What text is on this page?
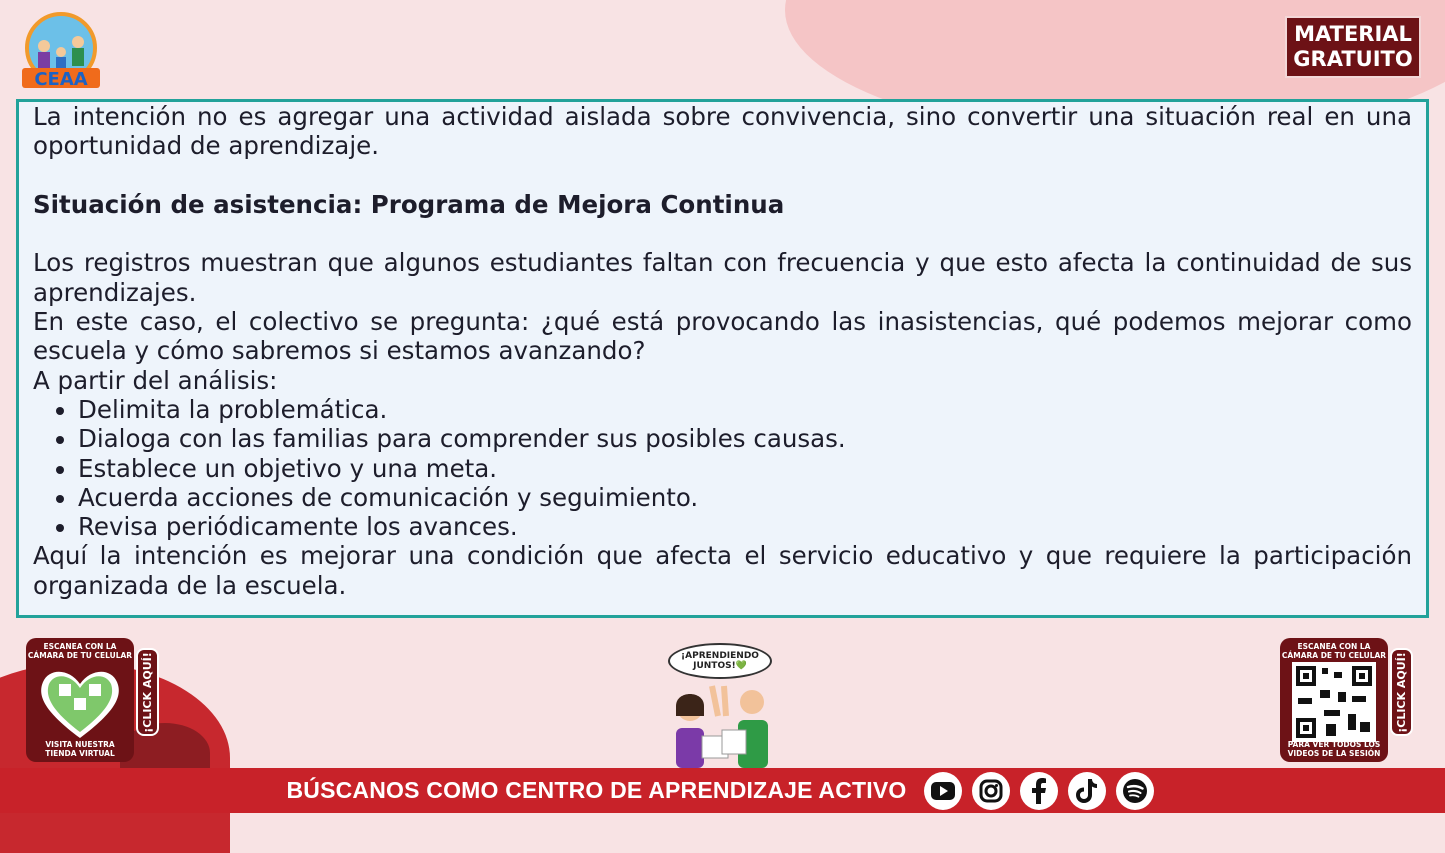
CEAA
MATERIAL
GRATUITO

La intención no es agregar una actividad aislada sobre convivencia, sino convertir una situación real en una oportunidad de aprendizaje.

Situación de asistencia: Programa de Mejora Continua

Los registros muestran que algunos estudiantes faltan con frecuencia y que esto afecta la continuidad de sus aprendizajes.

En este caso, el colectivo se pregunta: ¿qué está provocando las inasistencias, qué podemos mejorar como escuela y cómo sabremos si estamos avanzando?

A partir del análisis:

• Delimita la problemática.
• Dialoga con las familias para comprender sus posibles causas.
• Establece un objetivo y una meta.
• Acuerda acciones de comunicación y seguimiento.
• Revisa periódicamente los avances.

Aquí la intención es mejorar una condición que afecta el servicio educativo y que requiere la participación organizada de la escuela.

ESCANEA CON LA CÁMARA DE TU CELULAR
VISITA NUESTRA TIENDA VIRTUAL
¡CLICK AQUÍ!	¡APRENDIENDO
JUNTOS!💚
ESCANEA CON LA CÁMARA DE TU CELULAR
PARA VER TODOS LOS VIDEOS DE LA SESIÓN
¡CLICK AQUÍ!
BÚSCANOS COMO CENTRO DE APRENDIZAJE ACTIVO
